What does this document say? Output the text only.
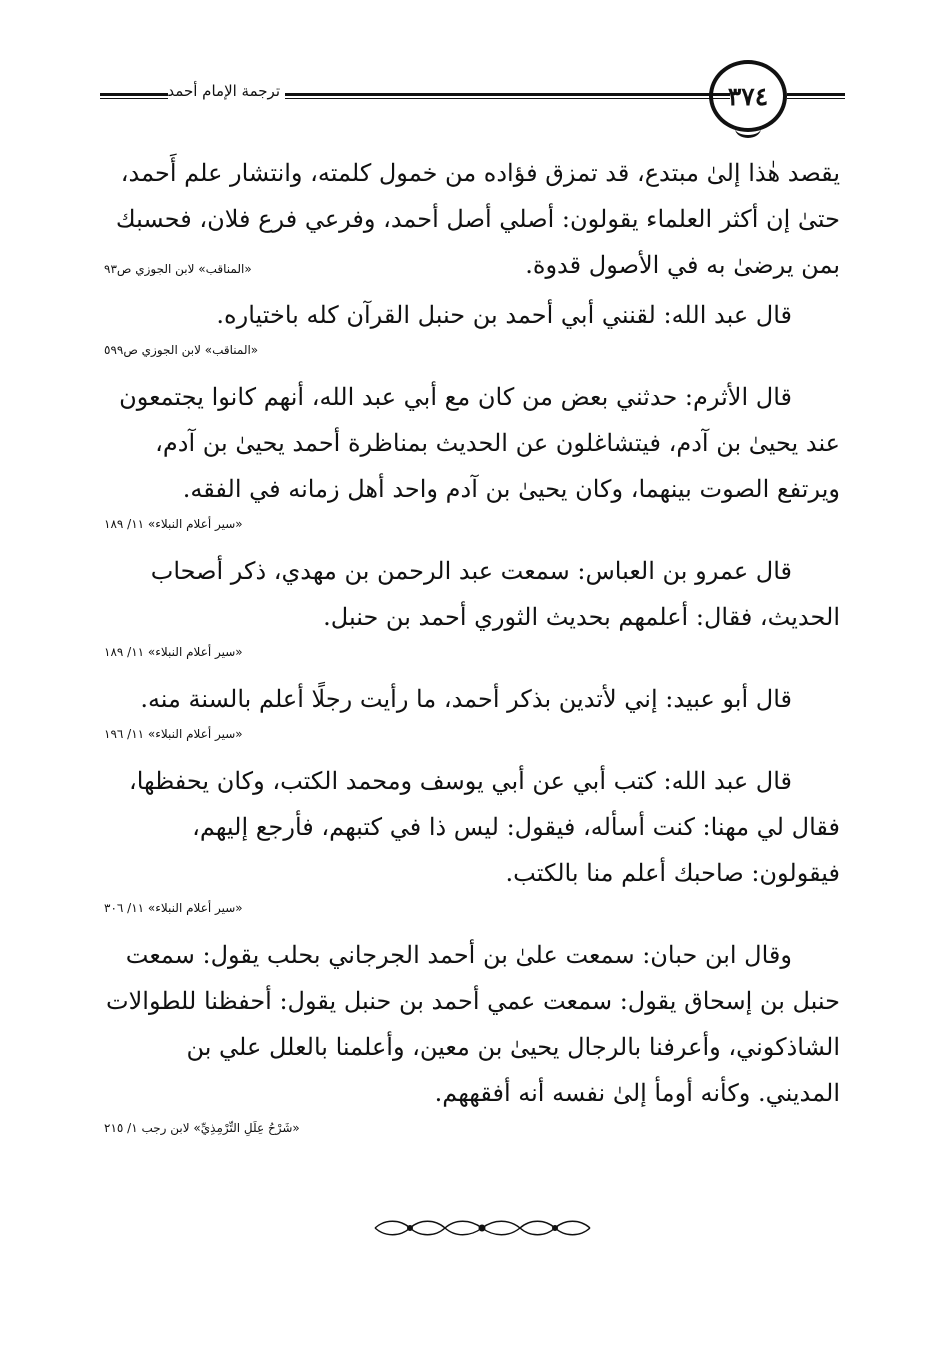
٣٧٤
ترجمة الإمام أحمد

يقصد هٰذا إلىٰ مبتدع، قد تمزق فؤاده من خمول كلمته، وانتشار علم أَحمد،
حتىٰ إن أكثر العلماء يقولون: أصلي أصل أحمد، وفرعي فرع فلان، فحسبك
بمن يرضىٰ به في الأصول قدوة.
«المناقب» لابن الجوزي ص٩٣

قال عبد الله: لقنني أبي أحمد بن حنبل القرآن كله باختياره.

«المناقب» لابن الجوزي ص٥٩٩

قال الأثرم: حدثني بعض من كان مع أبي عبد الله، أنهم كانوا يجتمعون
عند يحيىٰ بن آدم، فيتشاغلون عن الحديث بمناظرة أحمد يحيىٰ بن آدم،
ويرتفع الصوت بينهما، وكان يحيىٰ بن آدم واحد أهل زمانه في الفقه.

«سير أعلام النبلاء» ١١/ ١٨٩

قال عمرو بن العباس: سمعت عبد الرحمن بن مهدي، ذكر أصحاب
الحديث، فقال: أعلمهم بحديث الثوري أحمد بن حنبل.

«سير أعلام النبلاء» ١١/ ١٨٩

قال أبو عبيد: إني لأتدين بذكر أحمد، ما رأيت رجلًا أعلم بالسنة منه.

«سير أعلام النبلاء» ١١/ ١٩٦

قال عبد الله: كتب أبي عن أبي يوسف ومحمد الكتب، وكان يحفظها،
فقال لي مهنا: كنت أسأله، فيقول: ليس ذا في كتبهم، فأرجع إليهم،
فيقولون: صاحبك أعلم منا بالكتب.

«سير أعلام النبلاء» ١١/ ٣٠٦

وقال ابن حبان: سمعت علىٰ بن أحمد الجرجاني بحلب يقول: سمعت
حنبل بن إسحاق يقول: سمعت عمي أحمد بن حنبل يقول: أحفظنا للطوالات
الشاذكوني، وأعرفنا بالرجال يحيىٰ بن معين، وأعلمنا بالعلل علي بن
المديني. وكأنه أومأ إلىٰ نفسه أنه أفقههم.

«شَرْحُ عِلَلِ التِّرْمِذِيِّ» لابن رجب ١/ ٢١٥
